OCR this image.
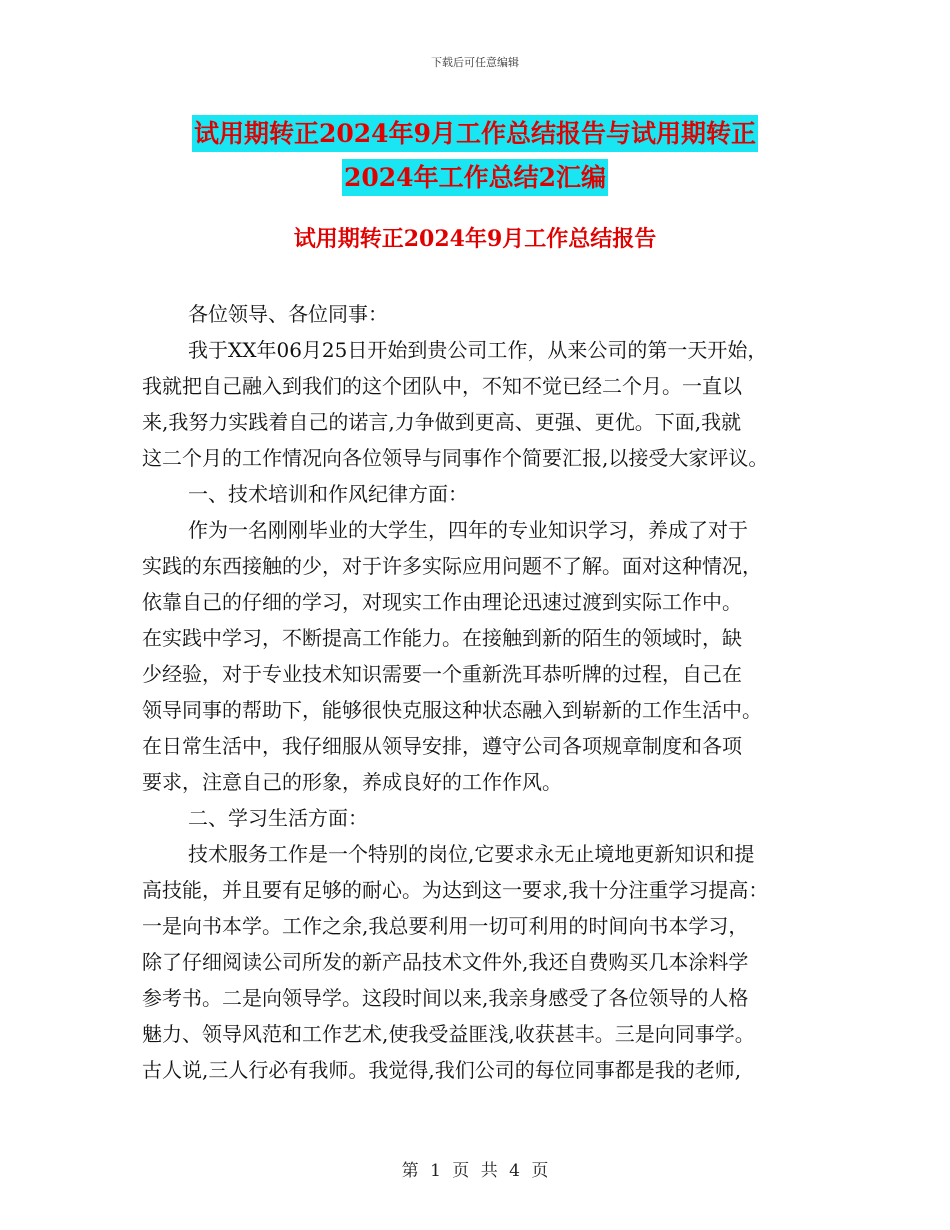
下载后可任意编辑
试用期转正2024年9月工作总结报告与试用期转正
2024年工作总结2汇编
试用期转正2024年9月工作总结报告
各位领导、各位同事：
我于XX年06月25日开始到贵公司工作，从来公司的第一天开始，
我就把自己融入到我们的这个团队中，不知不觉已经二个月。一直以
来,我努力实践着自己的诺言,力争做到更高、更强、更优。下面,我就
这二个月的工作情况向各位领导与同事作个简要汇报,以接受大家评议。
一、技术培训和作风纪律方面：
作为一名刚刚毕业的大学生，四年的专业知识学习，养成了对于
实践的东西接触的少，对于许多实际应用问题不了解。面对这种情况，
依靠自己的仔细的学习，对现实工作由理论迅速过渡到实际工作中。
在实践中学习，不断提高工作能力。在接触到新的陌生的领域时，缺
少经验，对于专业技术知识需要一个重新洗耳恭听牌的过程，自己在
领导同事的帮助下，能够很快克服这种状态融入到崭新的工作生活中。
在日常生活中，我仔细服从领导安排，遵守公司各项规章制度和各项
要求，注意自己的形象，养成良好的工作作风。
二、学习生活方面：
技术服务工作是一个特别的岗位,它要求永无止境地更新知识和提
高技能，并且要有足够的耐心。为达到这一要求,我十分注重学习提高：
一是向书本学。工作之余,我总要利用一切可利用的时间向书本学习，
除了仔细阅读公司所发的新产品技术文件外,我还自费购买几本涂料学
参考书。二是向领导学。这段时间以来,我亲身感受了各位领导的人格
魅力、领导风范和工作艺术,使我受益匪浅,收获甚丰。三是向同事学。
古人说,三人行必有我师。我觉得,我们公司的每位同事都是我的老师,
第 1 页 共 4 页
